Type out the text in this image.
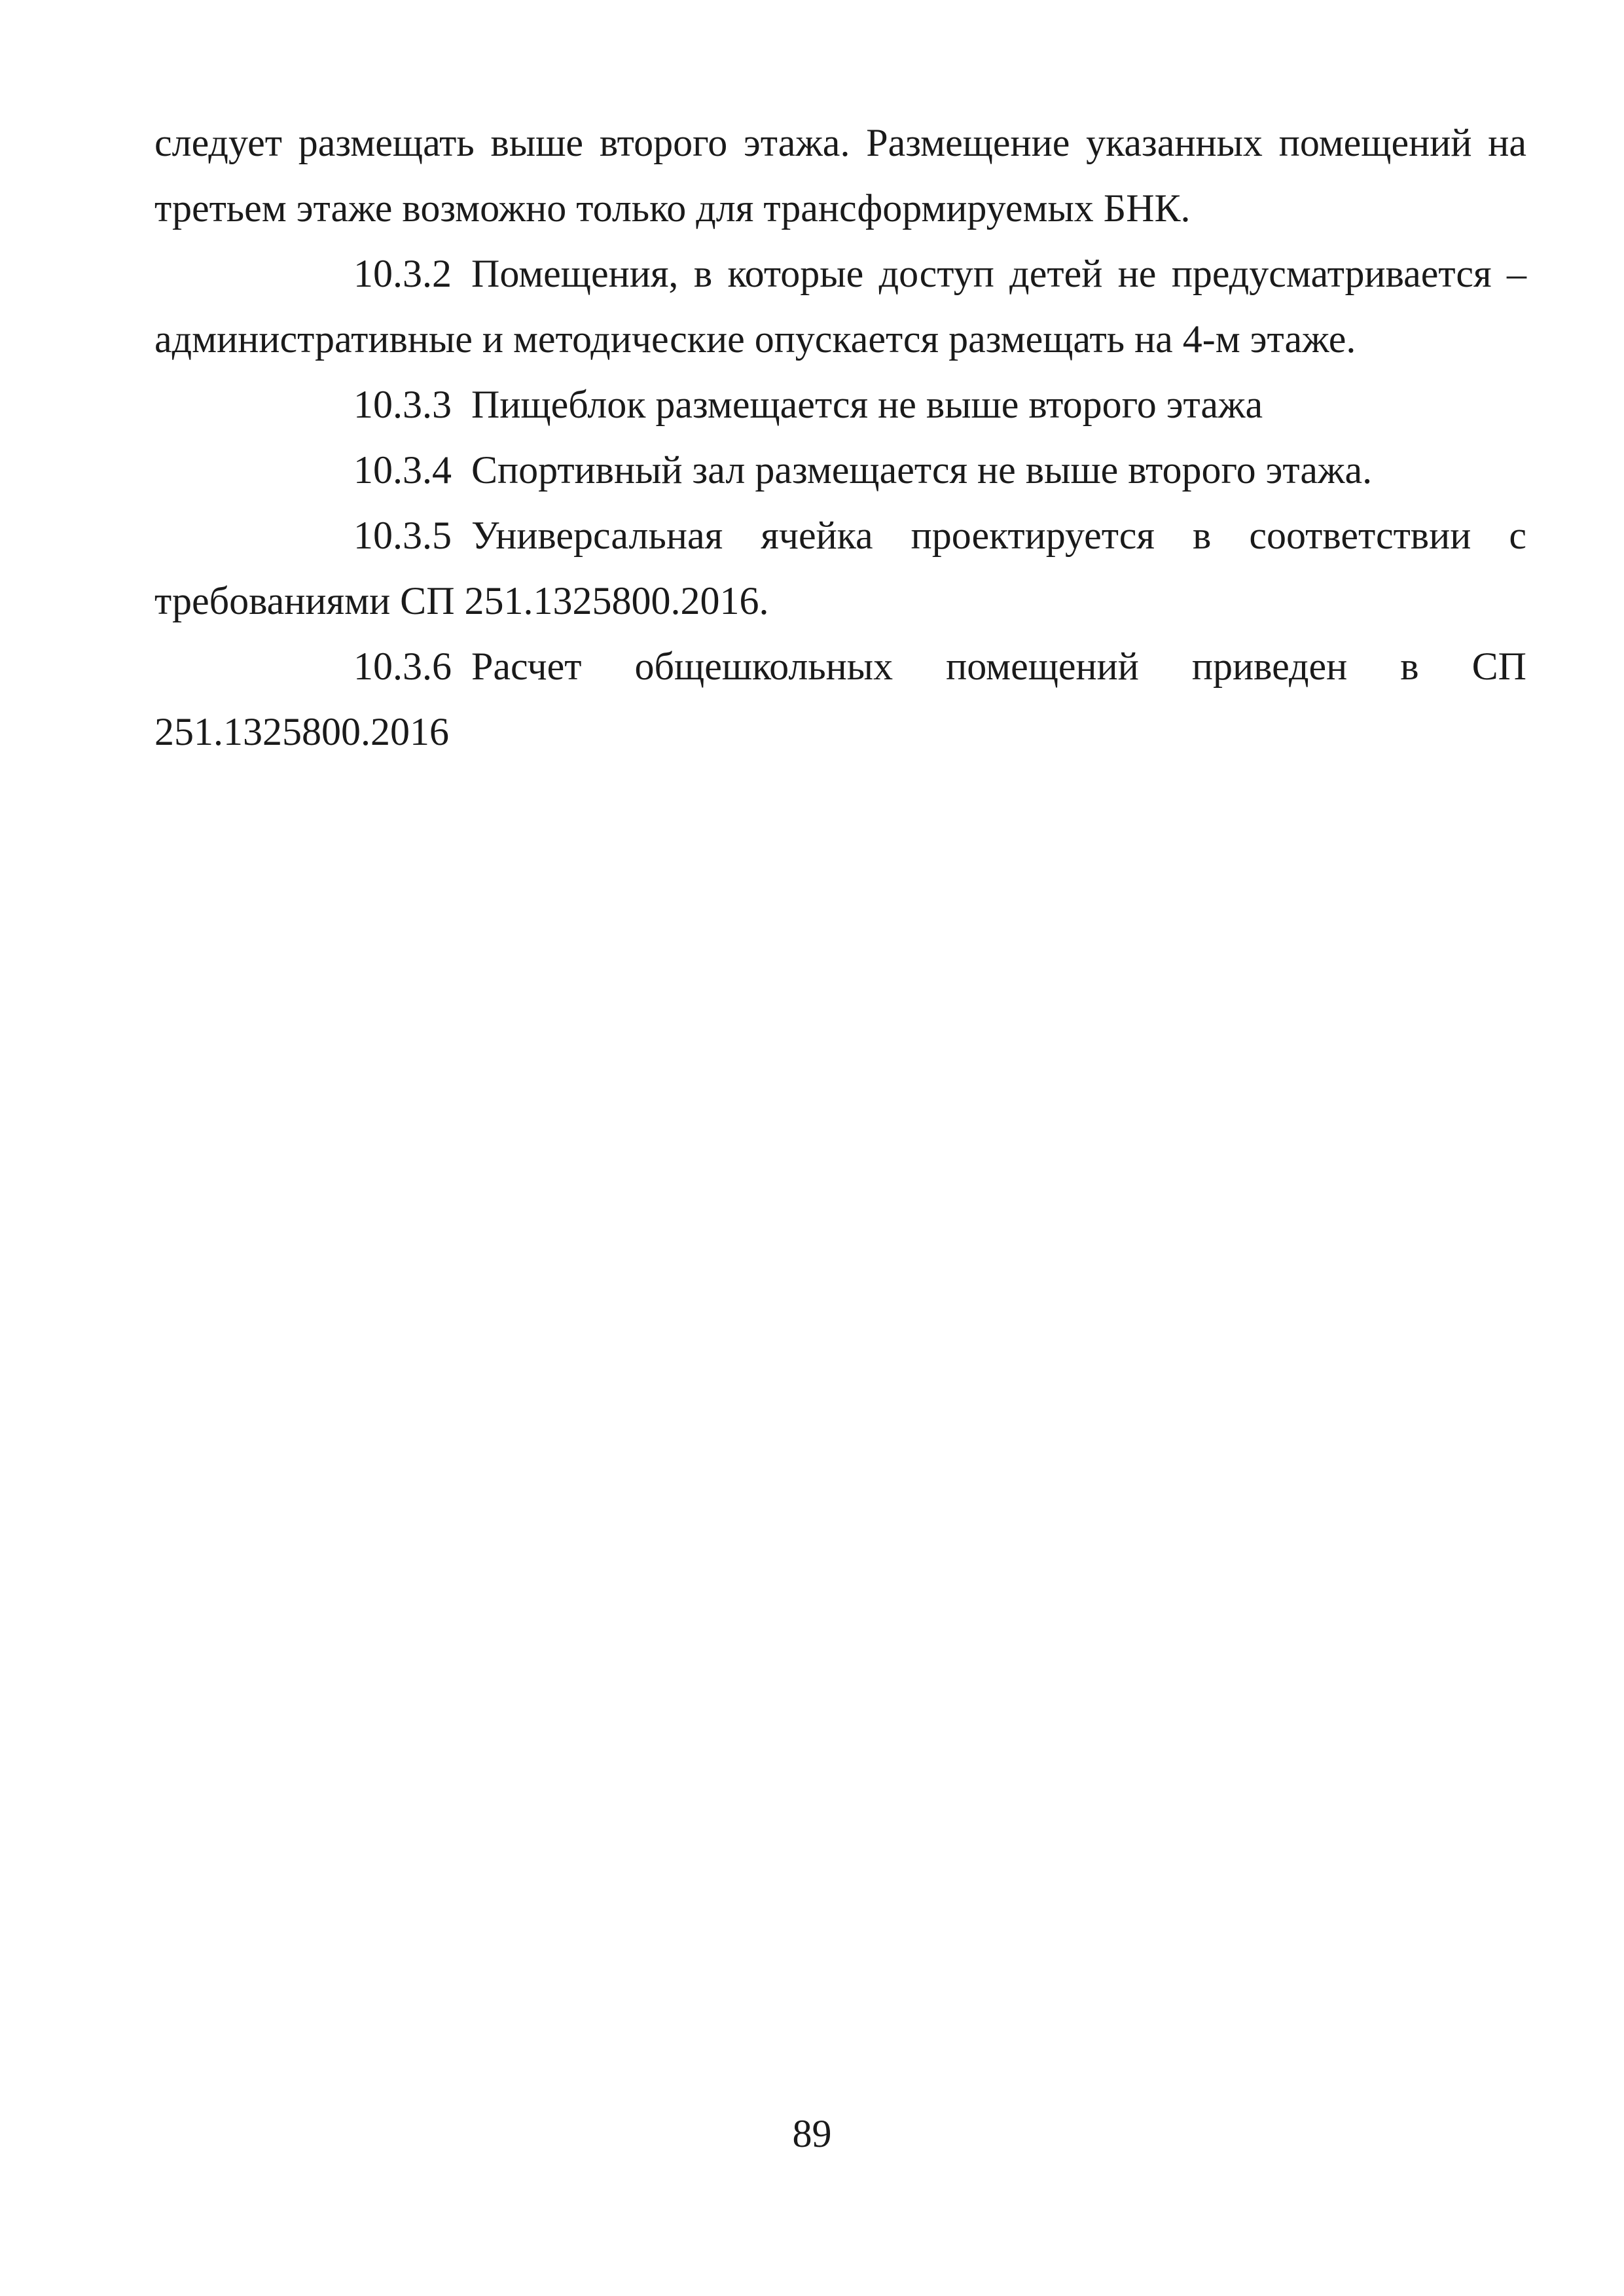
следует размещать выше второго этажа. Размещение указанных помещений на третьем этаже возможно только для трансформируемых БНК.

10.3.2 Помещения, в которые доступ детей не предусматривается – административные и методические опускается размещать на 4-м этаже.

10.3.3 Пищеблок размещается не выше второго этажа

10.3.4 Спортивный зал размещается не выше второго этажа.

10.3.5 Универсальная ячейка проектируется в соответствии с требованиями СП 251.1325800.2016.

10.3.6 Расчет общешкольных помещений приведен в СП 251.1325800.2016

89
